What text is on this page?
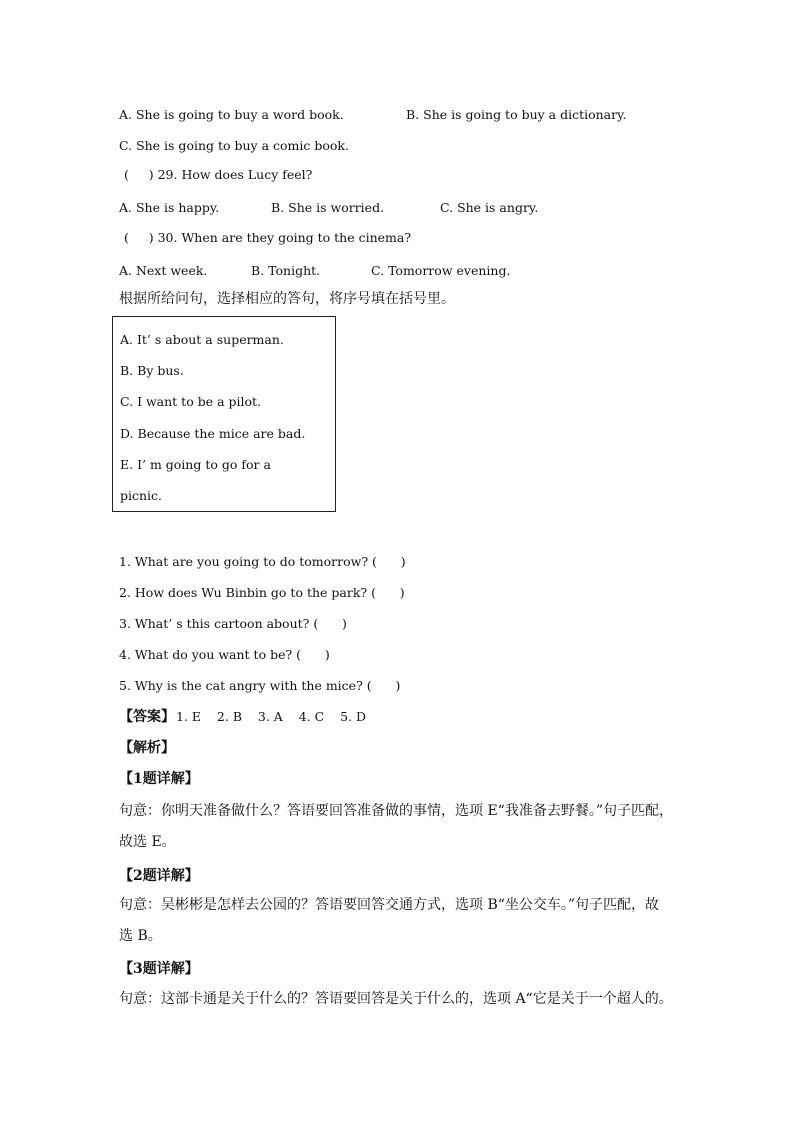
A. She is going to buy a word book.	B. She is going to buy a dictionary.
C. She is going to buy a comic book.
(     ) 29. How does Lucy feel?
A. She is happy.	B. She is worried.	C. She is angry.
(     ) 30. When are they going to the cinema?
A. Next week.	B. Tonight.	C. Tomorrow evening.
根据所给问句，选择相应的答句，将序号填在括号里。
A. It’ s about a superman.
B. By bus.
C. I want to be a pilot.
D. Because the mice are bad.
E. I’ m going to go for a
picnic.
1. What are you going to do tomorrow? (      )
2. How does Wu Binbin go to the park? (      )
3. What’ s this cartoon about? (      )
4. What do you want to be? (      )
5. Why is the cat angry with the mice? (      )
【答案】 1. E    2. B    3. A    4. C    5. D
【解析】
【1题详解】
句意：你明天准备做什么？答语要回答准备做的事情，选项 E“我准备去野餐。”句子匹配，
故选 E。
【2题详解】
句意：吴彬彬是怎样去公园的？答语要回答交通方式，选项 B“坐公交车。”句子匹配，故
选 B。
【3题详解】
句意：这部卡通是关于什么的？答语要回答是关于什么的，选项 A“它是关于一个超人的。
